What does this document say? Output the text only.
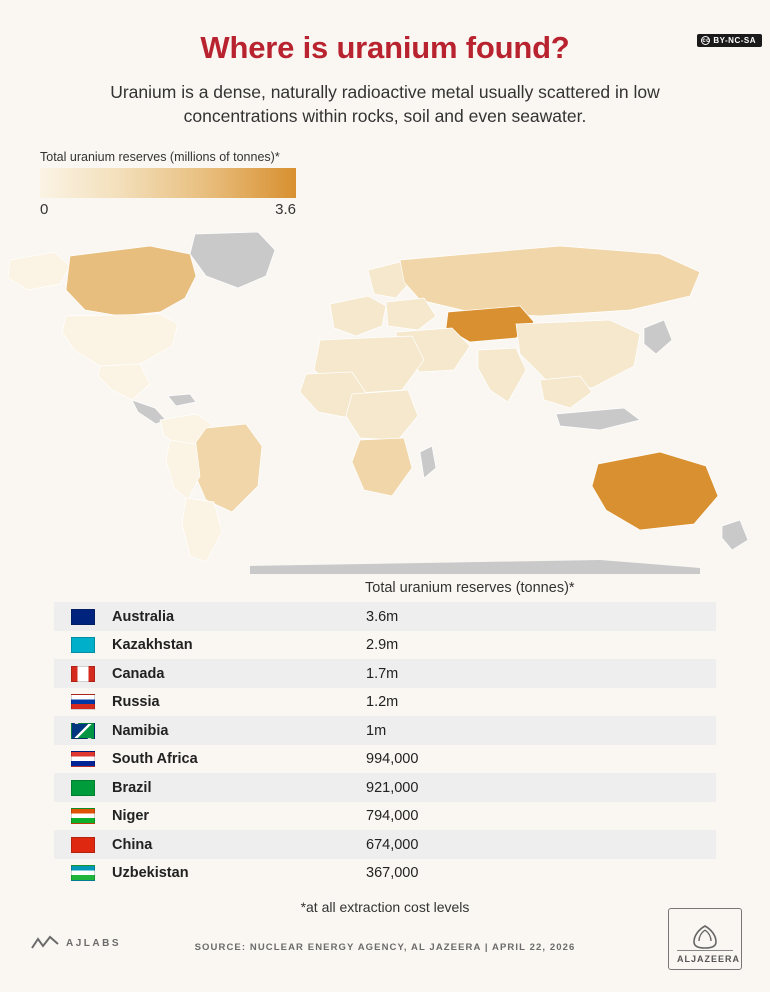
cc BY-NC-SA
Where is uranium found?

Uranium is a dense, naturally radioactive metal usually scattered in low concentrations within rocks, soil and even seawater.

Total uranium reserves (millions of tonnes)*
0	3.6
Total uranium reserves (tonnes)*
	Australia	3.6m
	Kazakhstan	2.9m
	Canada	1.7m
	Russia	1.2m
	Namibia	1m
	South Africa	994,000
	Brazil	921,000
	Niger	794,000
	China	674,000
	Uzbekistan	367,000
*at all extraction cost levels
AJLABS	SOURCE: NUCLEAR ENERGY AGENCY, AL JAZEERA | APRIL 22, 2026
ALJAZEERA
